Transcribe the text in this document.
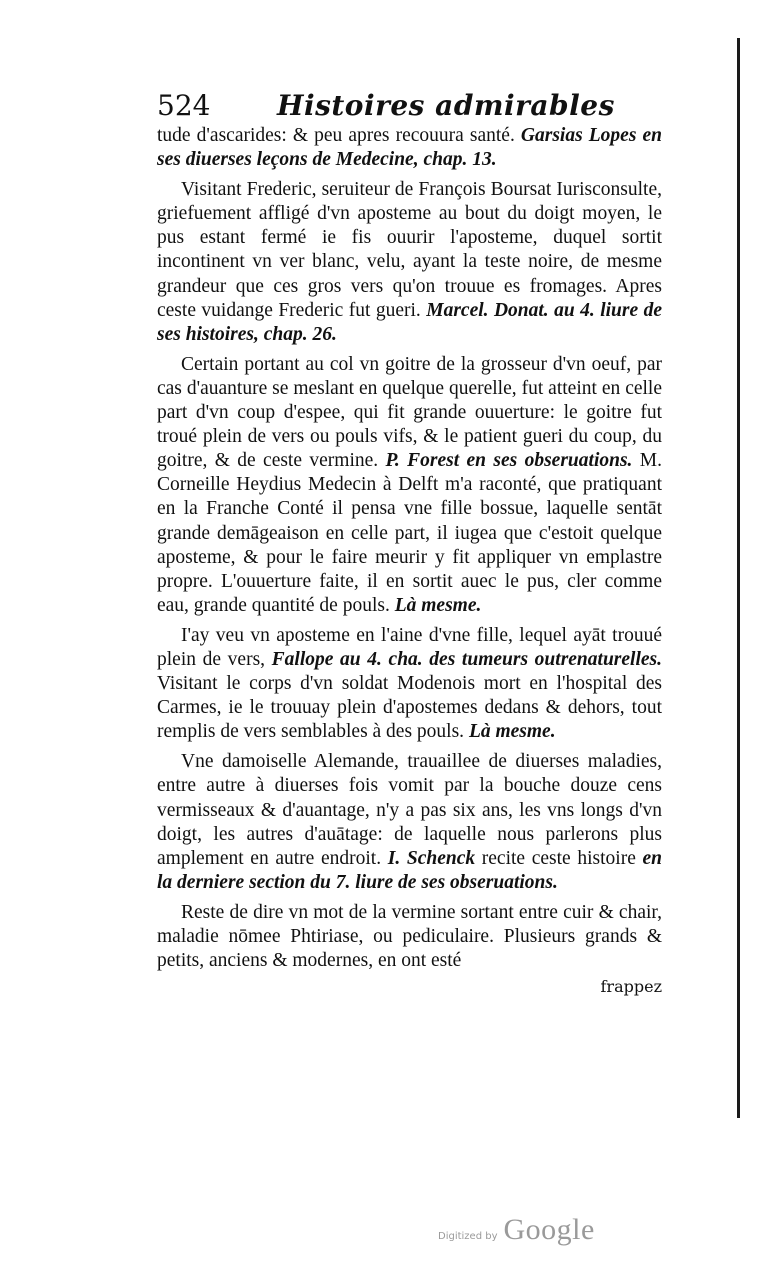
524	Histoires admirables

tude d'ascarides: & peu apres recouura santé. Garsias Lopes en ses diuerses leçons de Medecine, chap. 13.

Visitant Frederic, seruiteur de François Boursat Iurisconsulte, griefuement affligé d'vn aposteme au bout du doigt moyen, le pus estant fermé ie fis ouurir l'aposteme, duquel sortit incontinent vn ver blanc, velu, ayant la teste noire, de mesme grandeur que ces gros vers qu'on trouue es fromages. Apres ceste vuidange Frederic fut gueri. Marcel. Donat. au 4. liure de ses histoires, chap. 26.

Certain portant au col vn goitre de la grosseur d'vn oeuf, par cas d'auanture se meslant en quelque querelle, fut atteint en celle part d'vn coup d'espee, qui fit grande ouuerture: le goitre fut troué plein de vers ou pouls vifs, & le patient gueri du coup, du goitre, & de ceste vermine. P. Forest en ses obseruations. M. Corneille Heydius Medecin à Delft m'a raconté, que pratiquant en la Franche Conté il pensa vne fille bossue, laquelle sentāt grande demāgeaison en celle part, il iugea que c'estoit quelque aposteme, & pour le faire meurir y fit appliquer vn emplastre propre. L'ouuerture faite, il en sortit auec le pus, cler comme eau, grande quantité de pouls. Là mesme.

I'ay veu vn aposteme en l'aine d'vne fille, lequel ayāt trouué plein de vers, Fallope au 4. cha. des tumeurs outrenaturelles. Visitant le corps d'vn soldat Modenois mort en l'hospital des Carmes, ie le trouuay plein d'apostemes dedans & dehors, tout remplis de vers semblables à des pouls. Là mesme.

Vne damoiselle Alemande, trauaillee de diuerses maladies, entre autre à diuerses fois vomit par la bouche douze cens vermisseaux & d'auantage, n'y a pas six ans, les vns longs d'vn doigt, les autres d'auātage: de laquelle nous parlerons plus amplement en autre endroit. I. Schenck recite ceste histoire en la derniere section du 7. liure de ses obseruations.

Reste de dire vn mot de la vermine sortant entre cuir & chair, maladie nōmee Phtiriase, ou pediculaire. Plusieurs grands & petits, anciens & modernes, en ont esté

frappez
Digitized by Google
